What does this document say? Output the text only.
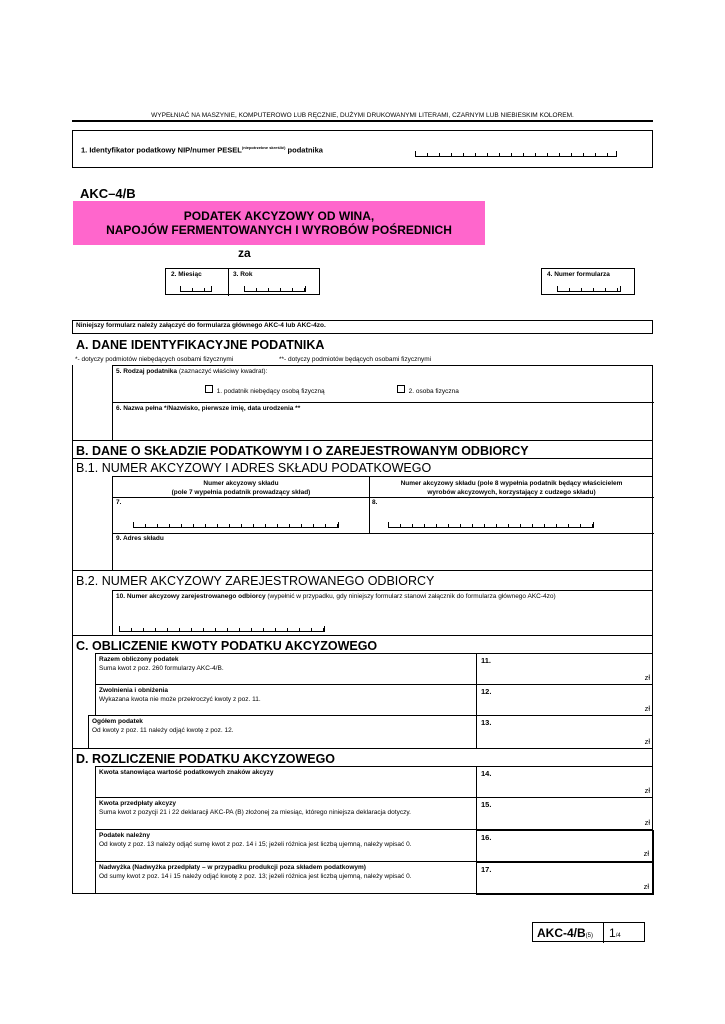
WYPEŁNIAĆ NA MASZYNIE, KOMPUTEROWO LUB RĘCZNIE, DUŻYMI DRUKOWANYMI LITERAMI, CZARNYM LUB NIEBIESKIM KOLOREM.
1. Identyfikator podatkowy NIP/numer $PESEL^{(niepotrzebne skreślić)}$ podatnika
AKC–4/B
PODATEK AKCYZOWY OD WINA,
NAPOJÓW FERMENTOWANYCH I WYROBÓW POŚREDNICH
za
2. Miesiąc	3. Rok	4. Numer formularza
Niniejszy formularz należy załączyć do formularza głównego AKC-4 lub AKC-4zo.
A. DANE IDENTYFIKACYJNE PODATNIKA
*- dotyczy podmiotów niebędących osobami fizycznymi	**- dotyczy podmiotów będących osobami fizycznymi
5. Rodzaj podatnika (zaznaczyć właściwy kwadrat):
1. podatnik niebędący osobą fizyczną	2. osoba fizyczna
6. Nazwa pełna */Nazwisko, pierwsze imię, data urodzenia **
B. DANE O SKŁADZIE PODATKOWYM I O ZAREJESTROWANYM ODBIORCY
B.1. NUMER AKCYZOWY I ADRES SKŁADU PODATKOWEGO
Numer akcyzowy składu
(pole 7 wypełnia podatnik prowadzący skład)
Numer akcyzowy składu (pole 8 wypełnia podatnik będący właścicielem
wyrobów akcyzowych, korzystający z cudzego składu)
7.	8.
9. Adres składu
B.2. NUMER AKCYZOWY ZAREJESTROWANEGO ODBIORCY
10. Numer akcyzowy zarejestrowanego odbiorcy (wypełnić w przypadku, gdy niniejszy formularz stanowi załącznik do formularza głównego AKC-4zo)
C. OBLICZENIE KWOTY PODATKU AKCYZOWEGO
Razem obliczony podatek
Suma kwot z poz. 260 formularzy AKC-4/B.
11.
zł
Zwolnienia i obniżenia
Wykazana kwota nie może przekroczyć kwoty z poz. 11.
12.
zł
Ogółem podatek
Od kwoty z poz. 11 należy odjąć kwotę z poz. 12.
13.
zł
D. ROZLICZENIE PODATKU AKCYZOWEGO
Kwota stanowiąca wartość podatkowych znaków akcyzy	14.
zł
Kwota przedpłaty akcyzy
Suma kwot z pozycji 21 i 22 deklaracji AKC-PA (B) złożonej za miesiąc, którego niniejsza deklaracja dotyczy.
15.
zł
Podatek należny
Od kwoty z poz. 13 należy odjąć sumę kwot z poz. 14 i 15; jeżeli różnica jest liczbą ujemną, należy wpisać 0.
16.
zł
Nadwyżka (Nadwyżka przedpłaty – w przypadku produkcji poza składem podatkowym)
Od sumy kwot z poz. 14 i 15 należy odjąć kwotę z poz. 13; jeżeli różnica jest liczbą ujemną, należy wpisać 0.
17.
zł
AKC-4/B(5) 1/4
